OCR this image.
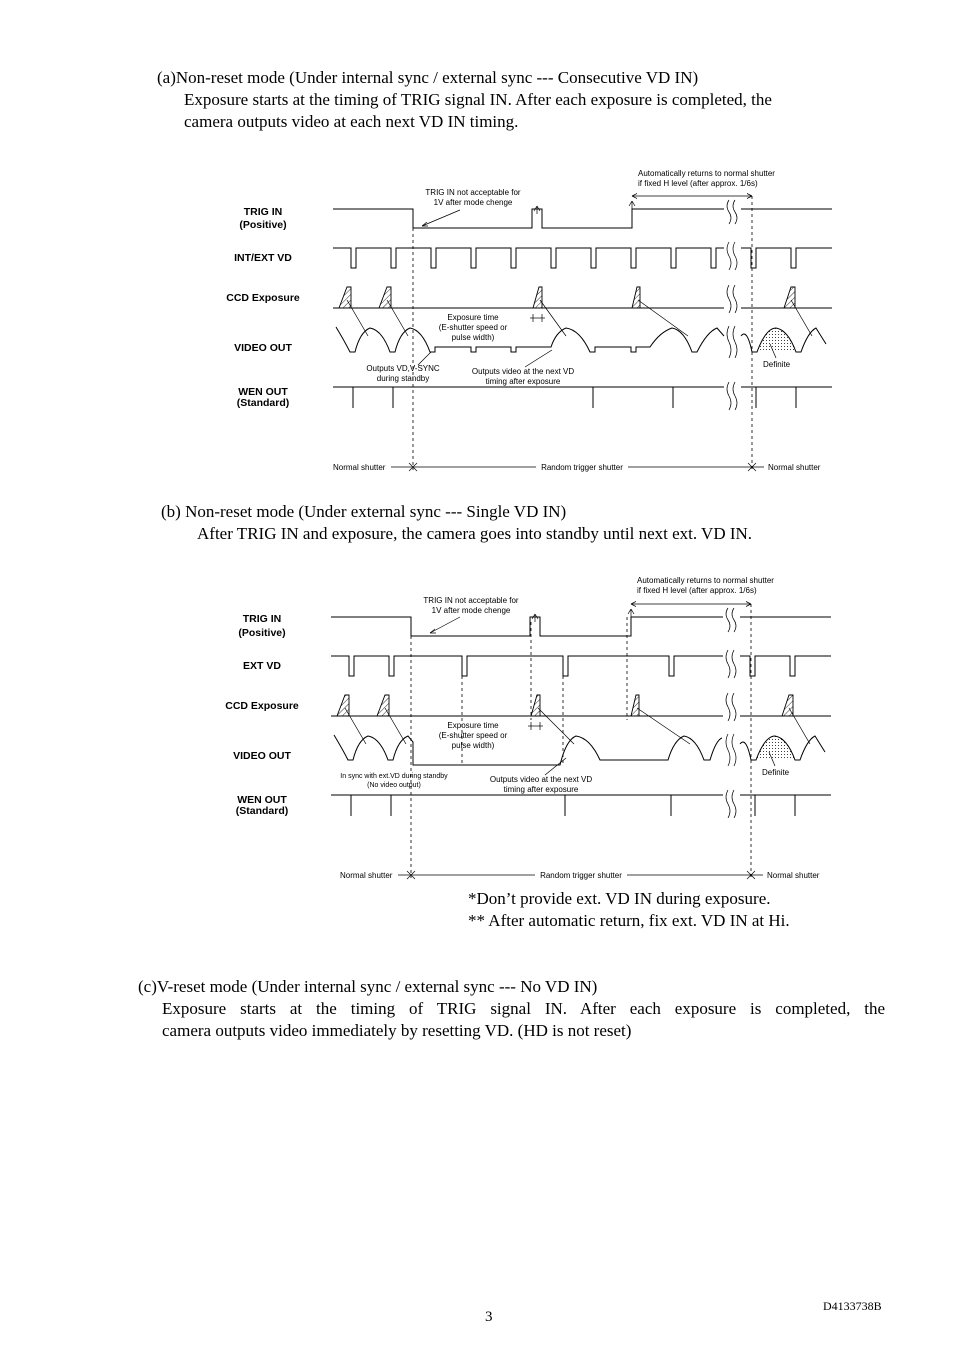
(a)Non-reset mode (Under internal sync / external sync --- Consecutive VD IN)
Exposure starts at the timing of TRIG signal IN. After each exposure is completed, the
camera outputs video at each next VD IN timing.
Automatically returns to normal shutter
if fixed H level (after approx. 1/6s)
TRIG IN not acceptable for
1V after mode chenge
TRIG IN
(Positive)
INT/EXT VD
CCD Exposure
VIDEO OUT
WEN OUT
(Standard)
Exposure time
(E-shutter speed or
pulse width)
Outputs VD,V-SYNC
during standby
Outputs video at the next VD
timing after exposure
Definite
Normal shutter	Random trigger shutter	Normal shutter
(b) Non-reset mode (Under external sync --- Single VD IN)
After TRIG IN and exposure, the camera goes into standby until next ext. VD IN.
Automatically returns to normal shutter
if fixed H level (after approx. 1/6s)
TRIG IN not acceptable for
1V after mode chenge
TRIG IN
(Positive)
EXT VD
CCD Exposure
VIDEO OUT
WEN OUT
(Standard)
Exposure time
(E-shutter speed or
pulse width)
In sync with ext.VD during standby
(No video output)
Outputs video at the next VD
timing after exposure
Definite
Normal shutter	Random trigger shutter	Normal shutter
*Don’t provide ext. VD IN during exposure.
** After automatic return, fix ext. VD IN at Hi.
(c)V-reset mode (Under internal sync / external sync --- No VD IN)
Exposure starts at the timing of TRIG signal IN. After each exposure is completed, the
camera outputs video immediately by resetting VD. (HD is not reset)
D4133738B
3
